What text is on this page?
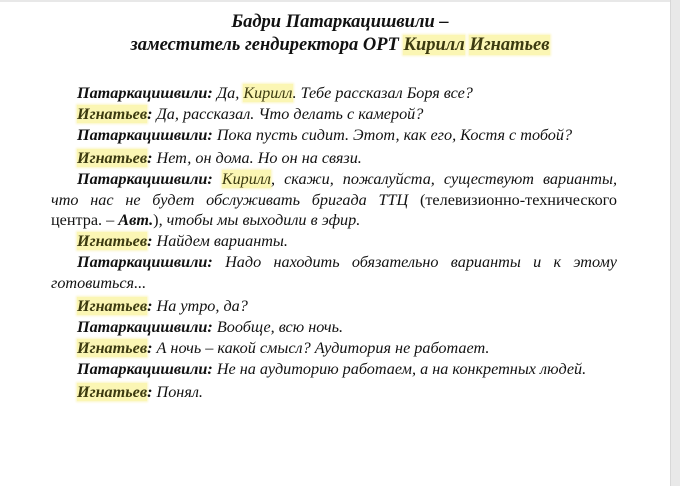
Бадри Патаркацишвили –
заместитель гендиректора ОРТ Кирилл Игнатьев

Патаркацишвили: Да, Кирилл. Тебе рассказал Боря все?

Игнатьев: Да, рассказал. Что делать с камерой?

Патаркацишвили: Пока пусть сидит. Этот, как его, Костя с тобой?

Игнатьев: Нет, он дома. Но он на связи.

Патаркацишвили: Кирилл, скажи, пожалуйста, существуют варианты, что нас не будет обслуживать бригада ТТЦ (телевизионно-технического центра. – Авт.), чтобы мы выходили в эфир.

Игнатьев: Найдем варианты.

Патаркацишвили: Надо находить обязательно варианты и к этому готовиться...

Игнатьев: На утро, да?

Патаркацишвили: Вообще, всю ночь.

Игнатьев: А ночь – какой смысл? Аудитория не работает.

Патаркацишвили: Не на аудиторию работаем, а на конкретных людей.

Игнатьев: Понял.
